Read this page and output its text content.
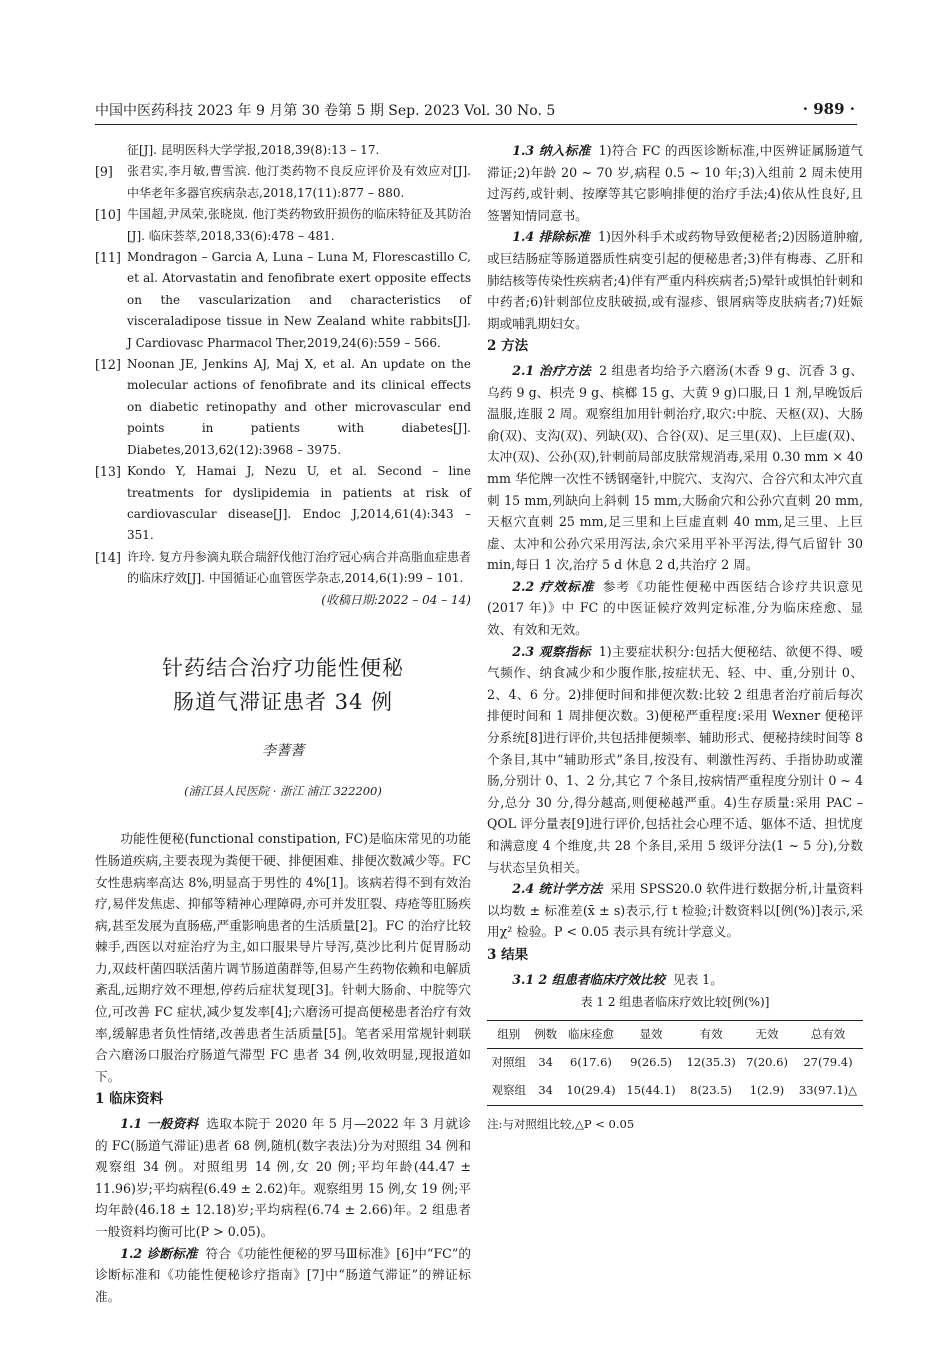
中国中医药科技 2023 年 9 月第 30 卷第 5 期 Sep. 2023 Vol. 30 No. 5	· 989 ·
征[J]. 昆明医科大学学报,2018,39(8):13 – 17.
[9]	张君实,李月敏,曹雪滨. 他汀类药物不良反应评价及有效应对[J]. 中华老年多器官疾病杂志,2018,17(11):877 – 880.
[10] 牛国超,尹凤荣,张晓岚. 他汀类药物致肝损伤的临床特征及其防治[J]. 临床荟萃,2018,33(6):478 – 481.
[11] Mondragon – Garcia A, Luna – Luna M, Florescastillo C, et al. Atorvastatin and fenofibrate exert opposite effects on the vascularization and characteristics of visceraladipose tissue in New Zealand white rabbits[J]. J Cardiovasc Pharmacol Ther,2019,24(6):559 – 566.
[12] Noonan JE, Jenkins AJ, Maj X, et al. An update on the molecular actions of fenofibrate and its clinical effects on diabetic retinopathy and other microvascular end points in patients with diabetes[J]. Diabetes,2013,62(12):3968 – 3975.
[13] Kondo Y, Hamai J, Nezu U, et al. Second – line treatments for dyslipidemia in patients at risk of cardiovascular disease[J]. Endoc J,2014,61(4):343 – 351.
[14] 许玲. 复方丹参滴丸联合瑞舒伐他汀治疗冠心病合并高脂血症患者的临床疗效[J]. 中国循证心血管医学杂志,2014,6(1):99 – 101.
(收稿日期:2022 – 04 – 14)
针药结合治疗功能性便秘
肠道气滞证患者 34 例
李蓍蓍
(浦江县人民医院 · 浙江 浦江 322200)

功能性便秘(functional constipation, FC)是临床常见的功能性肠道疾病,主要表现为粪便干硬、排便困难、排便次数减少等。FC 女性患病率高达 8%,明显高于男性的 4%[1]。该病若得不到有效治疗,易伴发焦虑、抑郁等精神心理障碍,亦可并发肛裂、痔疮等肛肠疾病,甚至发展为直肠癌,严重影响患者的生活质量[2]。FC 的治疗比较棘手,西医以对症治疗为主,如口服果导片导泻,莫沙比利片促胃肠动力,双歧杆菌四联活菌片调节肠道菌群等,但易产生药物依赖和电解质紊乱,远期疗效不理想,停药后症状复现[3]。针刺大肠俞、中脘等穴位,可改善 FC 症状,减少复发率[4];六磨汤可提高便秘患者治疗有效率,缓解患者负性情绪,改善患者生活质量[5]。笔者采用常规针刺联合六磨汤口服治疗肠道气滞型 FC 患者 34 例,收效明显,现报道如下。

1 临床资料

1.1 一般资料 选取本院于 2020 年 5 月—2022 年 3 月就诊的 FC(肠道气滞证)患者 68 例,随机(数字表法)分为对照组 34 例和观察组 34 例。对照组男 14 例,女 20 例;平均年龄(44.47 ± 11.96)岁;平均病程(6.49 ± 2.62)年。观察组男 15 例,女 19 例;平均年龄(46.18 ± 12.18)岁;平均病程(6.74 ± 2.66)年。2 组患者一般资料均衡可比(P > 0.05)。

1.2 诊断标准 符合《功能性便秘的罗马Ⅲ标准》[6]中“FC”的诊断标准和《功能性便秘诊疗指南》[7]中“肠道气滞证”的辨证标准。

1.3 纳入标准 1)符合 FC 的西医诊断标准,中医辨证属肠道气滞证;2)年龄 20 ~ 70 岁,病程 0.5 ~ 10 年;3)入组前 2 周未使用过泻药,或针刺、按摩等其它影响排便的治疗手法;4)依从性良好,且签署知情同意书。

1.4 排除标准 1)因外科手术或药物导致便秘者;2)因肠道肿瘤,或巨结肠症等肠道器质性病变引起的便秘患者;3)伴有梅毒、乙肝和肺结核等传染性疾病者;4)伴有严重内科疾病者;5)晕针或惧怕针刺和中药者;6)针刺部位皮肤破损,或有湿疹、银屑病等皮肤病者;7)妊娠期或哺乳期妇女。

2 方法

2.1 治疗方法 2 组患者均给予六磨汤(木香 9 g、沉香 3 g、乌药 9 g、枳壳 9 g、槟榔 15 g、大黄 9 g)口服,日 1 剂,早晚饭后温服,连服 2 周。观察组加用针刺治疗,取穴:中脘、天枢(双)、大肠俞(双)、支沟(双)、列缺(双)、合谷(双)、足三里(双)、上巨虚(双)、太冲(双)、公孙(双),针刺前局部皮肤常规消毒,采用 0.30 mm × 40 mm 华佗牌一次性不锈钢毫针,中脘穴、支沟穴、合谷穴和太冲穴直刺 15 mm,列缺向上斜刺 15 mm,大肠俞穴和公孙穴直刺 20 mm,天枢穴直刺 25 mm,足三里和上巨虚直刺 40 mm,足三里、上巨虚、太冲和公孙穴采用泻法,余穴采用平补平泻法,得气后留针 30 min,每日 1 次,治疗 5 d 休息 2 d,共治疗 2 周。

2.2 疗效标准 参考《功能性便秘中西医结合诊疗共识意见(2017 年)》中 FC 的中医证候疗效判定标准,分为临床痊愈、显效、有效和无效。

2.3 观察指标 1)主要症状积分:包括大便秘结、欲便不得、嗳气频作、纳食减少和少腹作胀,按症状无、轻、中、重,分别计 0、2、4、6 分。2)排便时间和排便次数:比较 2 组患者治疗前后每次排便时间和 1 周排便次数。3)便秘严重程度:采用 Wexner 便秘评分系统[8]进行评价,共包括排便频率、辅助形式、便秘持续时间等 8 个条目,其中“辅助形式”条目,按没有、刺激性泻药、手指协助或灌肠,分别计 0、1、2 分,其它 7 个条目,按病情严重程度分别计 0 ~ 4 分,总分 30 分,得分越高,则便秘越严重。4)生存质量:采用 PAC – QOL 评分量表[9]进行评价,包括社会心理不适、躯体不适、担忧度和满意度 4 个维度,共 28 个条目,采用 5 级评分法(1 ~ 5 分),分数与状态呈负相关。

2.4 统计学方法 采用 SPSS20.0 软件进行数据分析,计量资料以均数 ± 标准差(x̄ ± s)表示,行 t 检验;计数资料以[例(%)]表示,采用χ² 检验。P < 0.05 表示具有统计学意义。

3 结果

3.1 2 组患者临床疗效比较 见表 1。

表 1 2 组患者临床疗效比较[例(%)]
组别	例数	临床痊愈	显效	有效	无效	总有效
对照组	34	6(17.6)	9(26.5)	12(35.3)	7(20.6)	27(79.4)
观察组	34	10(29.4)	15(44.1)	8(23.5)	1(2.9)	33(97.1)△
注:与对照组比较,△P < 0.05
